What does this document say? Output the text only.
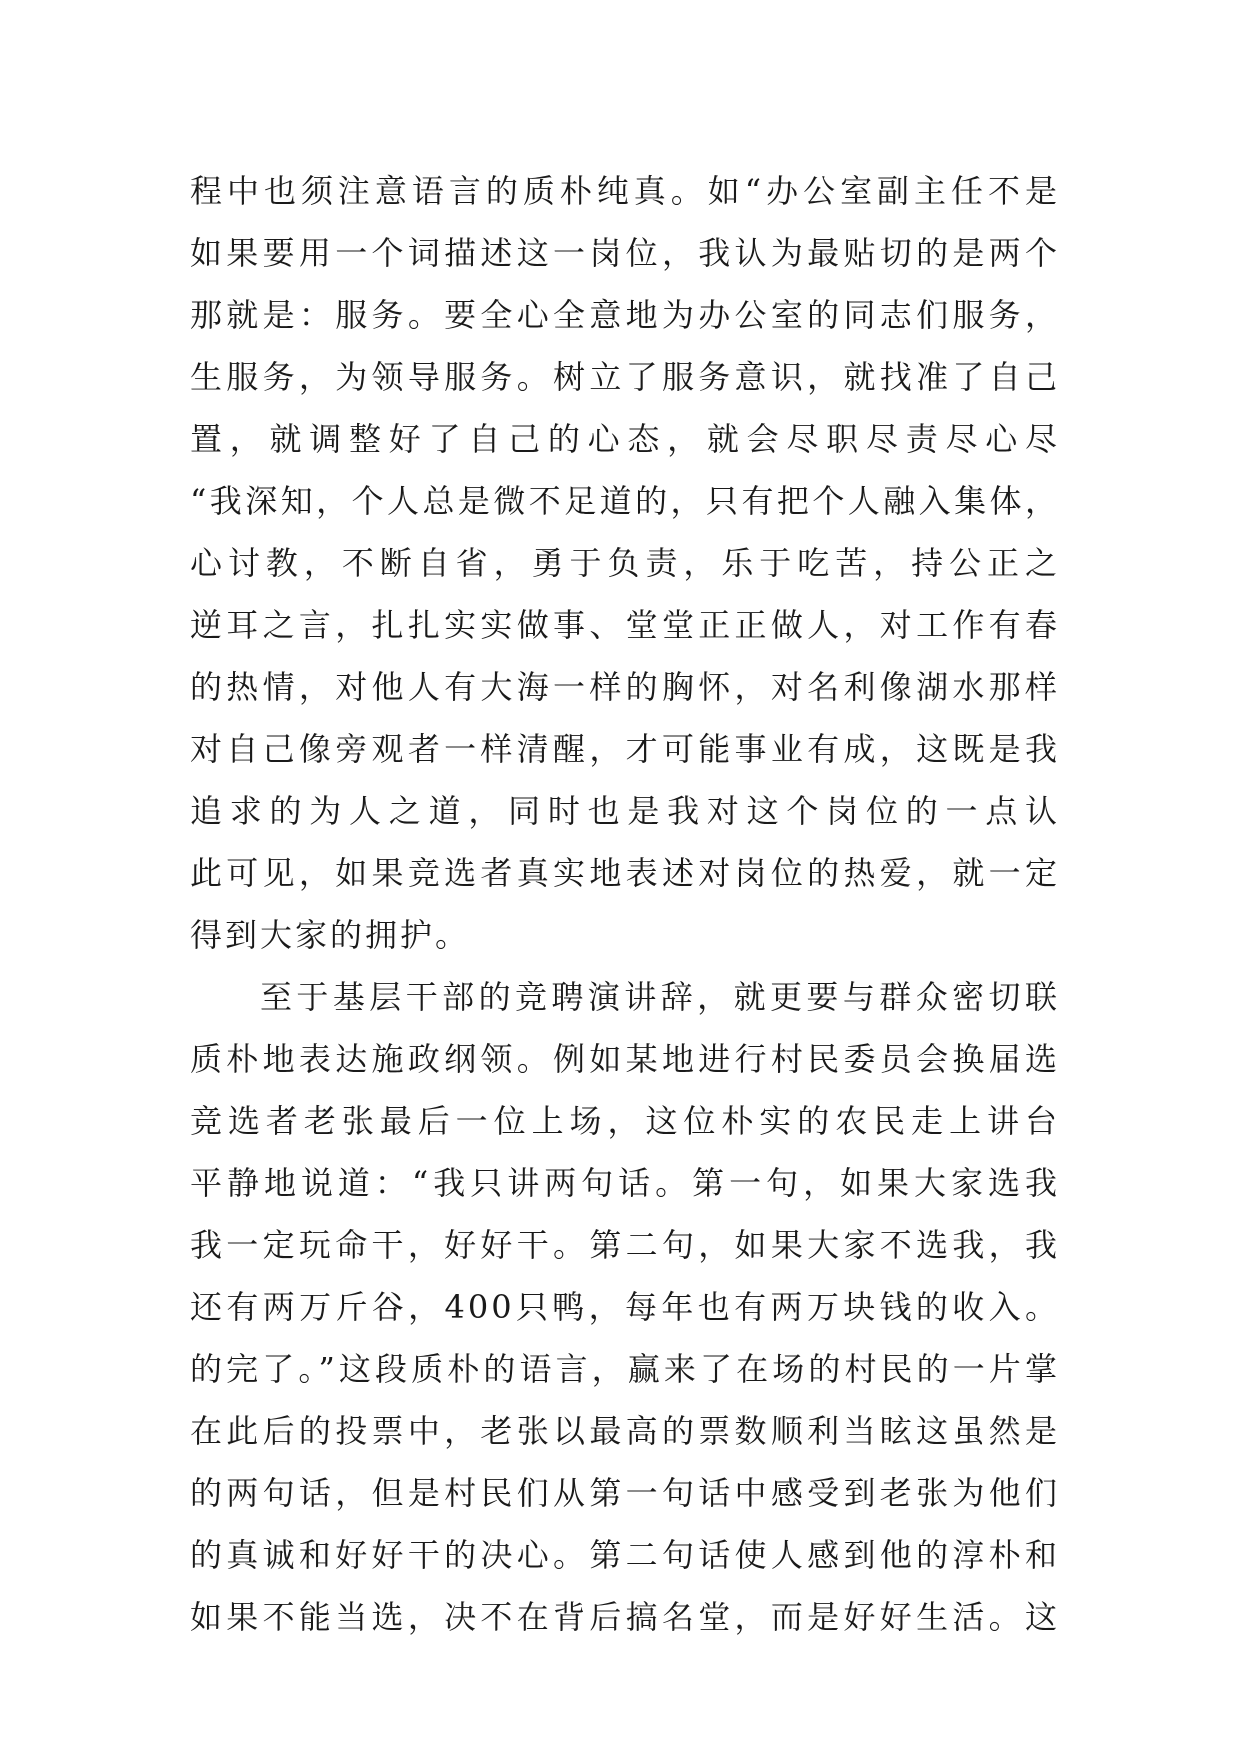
程中也须注意语言的质朴纯真。如“办公室副主任不是
如果要用一个词描述这一岗位，我认为最贴切的是两个
那就是：服务。要全心全意地为办公室的同志们服务，
生服务，为领导服务。树立了服务意识，就找准了自己
置，就调整好了自己的心态，就会尽职尽责尽心尽
“我深知，个人总是微不足道的，只有把个人融入集体，
心讨教，不断自省，勇于负责，乐于吃苦，持公正之
逆耳之言，扎扎实实做事、堂堂正正做人，对工作有春
的热情，对他人有大海一样的胸怀，对名利像湖水那样
对自己像旁观者一样清醒，才可能事业有成，这既是我
追求的为人之道，同时也是我对这个岗位的一点认
此可见，如果竞选者真实地表述对岗位的热爱，就一定
得到大家的拥护。
至于基层干部的竞聘演讲辞，就更要与群众密切联
质朴地表达施政纲领。例如某地进行村民委员会换届选
竞选者老张最后一位上场，这位朴实的农民走上讲台
平静地说道：“我只讲两句话。第一句，如果大家选我
我一定玩命干，好好干。第二句，如果大家不选我，我
还有两万斤谷，400只鸭，每年也有两万块钱的收入。
的完了。”这段质朴的语言，赢来了在场的村民的一片掌
在此后的投票中，老张以最高的票数顺利当眩这虽然是
的两句话，但是村民们从第一句话中感受到老张为他们
的真诚和好好干的决心。第二句话使人感到他的淳朴和
如果不能当选，决不在背后搞名堂，而是好好生活。这
